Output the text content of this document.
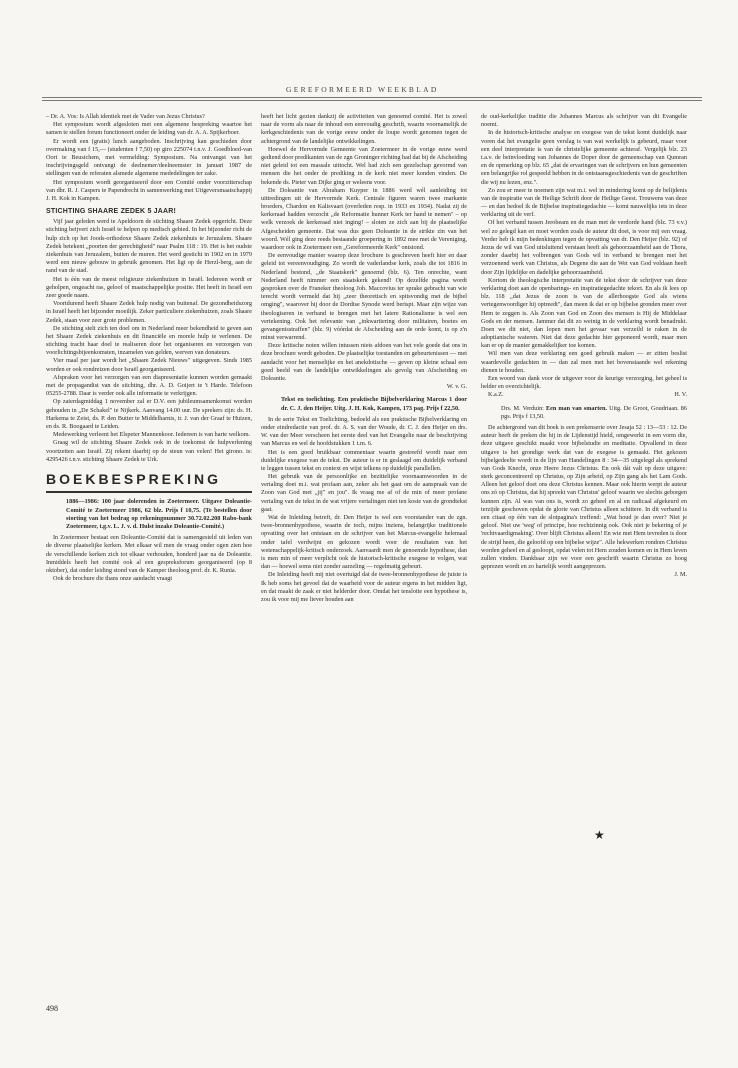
GEREFORMEERD WEEKBLAD

– Dr. A. Vos: Is Allah identiek met de Vader van Jezus Christus?

Het symposium wordt afgesloten met een algemene bespreking waartoe het samen te stellen forum functioneert onder de leiding van dr. A. A. Spijkerboer.

Er wordt een (gratis) lunch aangeboden. Inschrijving kan geschieden door overmaking van f 15,— (studenten f 7,50) op giro 225074 t.n.v. J. Goedbloed-van Oort te Beusichem, met vermelding: Symposium. Na ontvangst van het inschrijvingsgeld ontvangt de deelnemer/deelneemster in januari 1987 de stellingen van de referaten alsmede algemene mededelingen ter zake.

Het symposium wordt georganiseerd door een Comité onder voorzitterschap van dhr. R. J. Caspers te Papendrecht in samenwerking met Uitgeversmaatschappij J. H. Kok in Kampen.

STICHTING SHAARE ZEDEK 5 JAAR!

Vijf jaar geleden werd te Apeldoorn de stichting Shaare Zedek opgericht. Deze stichting beijvert zich Israël te helpen op medisch gebied. In het bijzonder richt de hulp zich op het Joods-orthodoxe Shaare Zedek ziekenhuis te Jeruzalem. Shaare Zedek betekent „poorten der gerechtigheid" naar Psalm 118 : 19. Het is het oudste ziekenhuis van Jeruzalem, buiten de muren. Het werd gesticht in 1902 en in 1979 werd een nieuw gebouw in gebruik genomen. Het ligt op de Herzl-berg, aan de rand van de stad.

Het is één van de meest religieuze ziekenhuizen in Israël. Iedereen wordt er geholpen, ongeacht ras, geloof of maatschappelijke positie. Het heeft in Israël een zeer goede naam.

Voortdurend heeft Shaare Zedek hulp nodig van buitenaf. De gezondheidszorg in Israël heeft het bijzonder moeilijk. Zeker particuliere ziekenhuizen, zoals Shaare Zedek, staan voor zeer grote problemen.

De stichting stelt zich ten doel om in Nederland meer bekendheid te geven aan het Shaare Zedek ziekenhuis en dit financiële en morele hulp te verlenen. De stichting tracht haar doel te realiseren door het organiseren en verzorgen van voorlichtingsbijeenkomsten, inzamelen van gelden, werven van donateurs.

Vier maal per jaar wordt het „Shaare Zedek Nieuws" uitgegeven. Sinds 1985 worden er ook rondreizen door Israël georganiseerd.

Afspraken voor het verzorgen van een diapresentatie kunnen worden gemaakt met de propagandist van de stichting, dhr. A. D. Goijert te 't Harde. Telefoon 05255-2788. Daar is verder ook alle informatie te verkrijgen.

Op zaterdagmiddag 1 november zal er D.V. een jubileumsamenkomst worden gehouden in „De Schakel" te Nijkerk. Aanvang 14.00 uur. De sprekers zijn: ds. H. Harkema te Zeist, ds. P. den Butter te Middelharnis, ir. J. van der Graaf te Huizen, en ds. R. Boogaard te Leiden.

Medewerking verleent het Elspeter Mannenkoor. Iedereen is van harte welkom.

Graag wil de stichting Shaare Zedek ook in de toekomst de hulpverlening voortzetten aan Israël. Zij rekent daarbij op de steun van velen! Het girono. is: 4295426 t.n.v. stichting Shaare Zedek te Urk.

BOEKBESPREKING
1886—1986: 100 jaar dolerenden in Zoetermeer. Uitgave Doleantie-Comité te Zoetermeer 1986, 62 blz. Prijs f 10,75. (Te bestellen door storting van het bedrag op rekeningnummer 30.72.02.208 Rabo-bank Zoetermeer, t.g.v. L. J. v. d. Hulst inzake Doleantie-Comité.)

In Zoetermeer bestaat een Doleantie-Comité dat is samengesteld uit leden van de diverse plaatselijke kerken. Met elkaar wil men de vraag onder ogen zien hoe de verschillende kerken zich tot elkaar verhouden, honderd jaar na de Doleantie. Inmiddels heeft het comité ook al een gespreksforum georganiseerd (op 8 oktober), dat onder leiding stond van de Kamper theoloog prof. dr. K. Runia.

Ook de brochure die thans onze aandacht vraagt

heeft het licht gezien dankzij de activiteiten van genoemd comité. Het is zowel naar de vorm als naar de inhoud een eenvoudig geschrift, waarin voornamelijk de kerkgeschiedenis van de vorige eeuw onder de loupe wordt genomen tegen de achtergrond van de landelijke ontwikkelingen.

Hoewel de Hervormde Gemeente van Zoetermeer in de vorige eeuw werd gediend door predikanten van de zgn Groninger richting had dat bij de Afscheiding niet geleid tot een massale uittocht. Wel had zich een gezelschap gevormd van mensen die het onder de prediking in de kerk niet meer konden vinden. De bekende ds. Pieter van Dijke ging er weleens voor.

De Doleantie van Abraham Kuyper in 1886 werd wél aanleiding tot uittredingen uit de Hervormde Kerk. Centrale figuren waren twee markante broeders, Chardon en Kalisvaart (overleden resp. in 1933 en 1934). Nadat zij de kerkeraad hadden verzocht „de Reformatie hunner Kerk ter hand te nemen" – op welk verzoek de kerkeraad niet inging! – sloten ze zich aan bij de plaatselijke Afgescheiden gemeente. Dat was dus geen Doleantie in de strikte zin van het woord. Wél ging deze reeds bestaande groepering in 1892 mee met de Vereniging, waardoor ook in Zoetermeer een „Gereformeerde Kerk" ontstond.

De eenvoudige manier waarop deze brochure is geschreven heeft hier en daar geleid tot vereenvoudiging. Zo wordt de vaderlandse kerk, zoals die tot 1816 in Nederland bestond, „de Staatskerk" genoemd (blz. 6). Ten onrechte, want Nederland heeft nimmer een staatskerk gekend! Op dezelfde pagina wordt gesproken over de Franeker theoloog Joh. Maccovius ter sprake gebracht van wie terecht wordt vermeld dat hij „zeer theoretisch en spitsvondig met de bijbel omging", waarover hij door de Dordtse Synode werd berispt. Maar zijn wijze van theologiseren in verband te brengen met het latere Rationalisme is wel een vertekening. Ook het relevante van „inkwartiering door militairen, boetes en gevangenisstraffen" (blz. 9) vóórdat de Afscheiding aan de orde komt, is op z'n minst verwarrend.

Deze kritische noten willen intussen niets afdoen van het vele goede dat ons in deze brochure wordt geboden. De plaatselijke toestanden en gebeurtenissen — met aandacht voor het menselijke en het anekdotische — geven op kleine schaal een goed beeld van de landelijke ontwikkelingen als gevolg van Afscheiding en Doleantie.

W. v. G.

Tekst en toelichting. Een praktische Bijbelverklaring Marcus 1 door dr. C. J. den Heijer. Uitg. J. H. Kok, Kampen, 173 pag. Prijs f 22,50.

In de serie Tekst en Toelichting, bedoeld als een praktische Bijbelverklaring en onder eindredactie van prof. dr. A. S. van der Woude, dr. C. J. den Heijer en drs. W. van der Meer verscheen het eerste deel van het Evangelie naar de beschrijving van Marcus en wel de hoofdstukken 1 t.m. 6.

Het is een goed bruikbaar commentaar waarin gestreefd wordt naar een duidelijke exegese van de tekst. De auteur is er in geslaagd om duidelijk verband te leggen tussen tekst en context en wijst telkens op duidelijk parallellen.

Het gebruik van de persoonlijke en bezittelijke voornaamwoorden in de vertaling doet m.i. wat profaan aan, zeker als het gaat om de aanspraak van de Zoon van God met „jij" en jou". Ik vraag me af of de min of meer profane vertaling van de tekst in de wat vrijere vertalingen niet ten koste van de grondtekst gaat.

Wat de Inleiding betreft, dr. Den Heijer is wel een voorstander van de zgn. twee-bronnenhypothese, waarin de toch, mijns inziens, belangrijke traditionele opvatting over het ontstaan en de schrijver van het Marcus-evangelie helemaal onder tafel verdwijnt en gekozen wordt voor de resultaten van het wetenschappelijk-kritisch onderzoek. Aanvaardt men de genoemde hypothese, dan is men min of meer verplicht ook de historisch-kritische exegese te volgen, wat dan — hoewel soms niet zonder aarzeling — regelmatig gebeurt.

De Inleiding heeft mij niet overtuigd dat de twee-bronnenhypothese de juiste is Ik heb soms het gevoel dat de waarheid voor de auteur ergens in het midden ligt, en dat maakt de zaak er niet helderder door. Omdat het tenslotte een hypothese is, zou ik voor mij me liever houden aan

de oud-kerkelijke traditie die Johannes Marcus als schrijver van dit Evangelie noemt.

In de historisch-kritische analyse en exegese van de tekst komt duidelijk naar voren dat het evangelie geen verslag is van wat werkelijk is gebeurd, maar voor een deel interpretatie is van de christelijke gemeente achteraf. Vergelijk blz. 23 t.a.v. de beïnvloeding van Johannes de Doper door de gemeenschap van Qumran en de opmerking op blz. 65 „dat de ervaringen van de schrijvers en hun gemeenten een belangrijke rol gespeeld hebben in de ontstaansgeschiedenis van de geschriften die wij nu lezen, enz.".

Zo zou er meer te noemen zijn wat m.i. wel in mindering komt op de belijdenis van de inspiratie van de Heilige Schrift door de Heilige Geest. Trouwens van deze — en dan bedoel ik de Bijbelse inspiratiegedachte — komt nauwelijks iets in deze verklaring uit de verf.

Of het verband tussen Jerobeam en de man met de verdorde hand (blz. 73 v.v.) wel zo gelegd kan en moet worden zoals de auteur dit doet, is voor mij een vraag. Verder heb ik mijn bedenkingen tegen de opvatting van dr. Den Heijer (blz. 92) of Jezus de wil van God uitsluitend verstaan heeft als gehoorzaamheid aan de Thora, zonder daarbij het volbrengen van Gods wil in verband te brengen met het verzoenend werk van Christus, als Degene die aan de Wet van God voldaan heeft door Zijn lijdelijke en dadelijke gehoorzaamheid.

Kortom de theologische interpretatie van de tekst door de schrijver van deze verklaring doet aan de openbarings- en inspiratiegedachte tekort. En als ik lees op blz. 118 „dat Jezus de zoon is van de allerhoogste God als wiens vertegenwoordiger hij optreedt", dan meen ik dat er op bijbelse gronden meer over Hem te zeggen is. Als Zoon van God en Zoon des mensen is Hij de Middelaar Gods en der mensen. Jammer dat dit zo weinig in de verklaring wordt benadrukt. Doen we dit niet, dan lopen men het gevaar van verzeild te raken in de adoptianische wateren. Niet dat deze gedachte hier geponeerd wordt, maar men kan er op de manier gemakkelijker toe komen.

Wil men van deze verklaring een goed gebruik maken — er zitten beslist waardevolle gedachten in — dan zal men met het bovenstaande wel rekening dienen te houden.

Een woord van dank voor de uitgever voor de keurige verzorging, het geheel is helder en overzichtelijk.

K.a.Z.	H. V.

Drs. M. Verduin: Een man van smarten. Uitg. De Groot, Goudriaan. 86 pgs. Prijs f 13,50.

De achtergrond van dit boek is een prekenserie over Jesaja 52 : 13—53 : 12. De auteur heeft de preken die hij in de Lijdenstijd hield, omgewerkt in een vorm die, deze uitgave geschikt maakt voor bijbelstudie en meditatie. Opvallend in deze uitgave is het grondige werk dat van de exegese is gemaakt. Het gekozen bijbelgedeelte wordt in de lijn van Handelingen 8 : 34—35 uitgelegd als sprekend van Gods Knecht, onze Heere Jezus Christus. En ook dát valt op deze uitgave: sterk geconcentreerd op Christus, op Zijn arbeid, op Zijn gang als het Lam Gods. Alleen het geloof doet ons deze Christus kennen. Maar ook hierin werpt de auteur ons zó op Christus, dat hij spreekt van Christus' geloof waarin we slechts geborgen kunnen zijn. Al was van ons is, wordt zo geheel en al en radicaal afgekeurd en terzijde geschoven opdat de glorie van Christus alleen schittere. In dit verband is een citaat op één van de slotpagina's treffend: „Wat houd je dan over? Niet je geloof. Niet uw 'weg' of principe, hoe rechtzinnig ook. Ook niet je bekering of je 'rechtvaardigmaking'. Over blijft Christus alleen! En wie met Hem tevreden is door de strijd heen, die geloofd op een bijbelse wijze". Alle hekwerken rondom Christus worden geheel en al gesloopt, opdat velen tot Hem zouden komen en in Hem leven zullen vinden. Dankbaar zijn we voor een geschrift waarin Christus zo hoog geprezen wordt en zo hartelijk wordt aangeprezen.

J. M.

★
498
